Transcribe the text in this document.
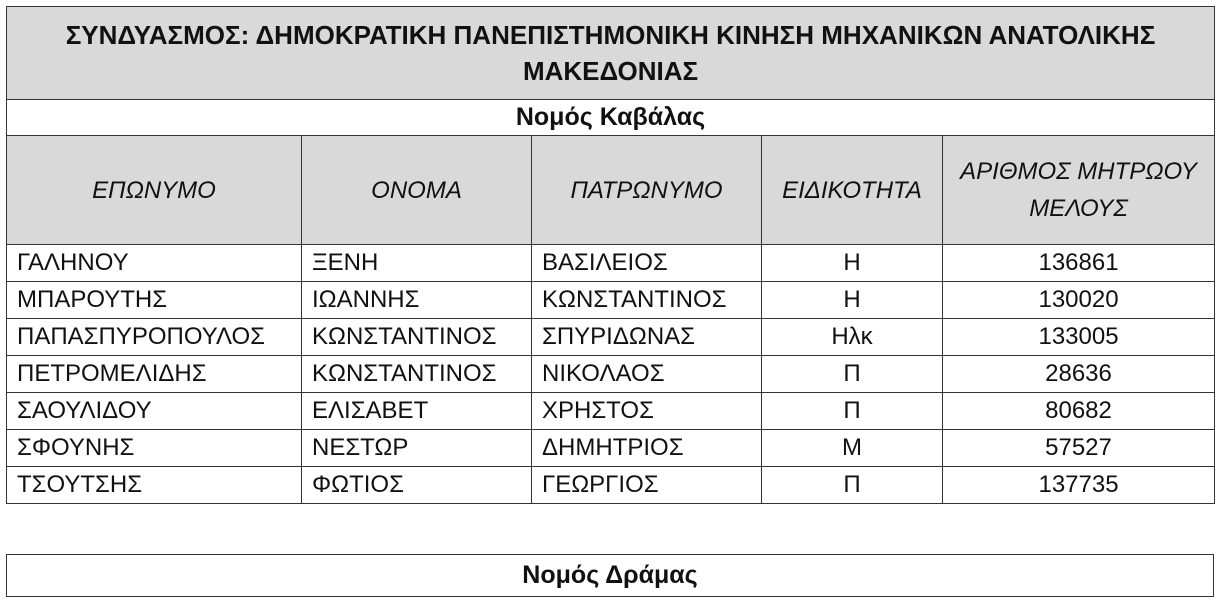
ΣΥΝΔΥΑΣΜΟΣ: ΔΗΜΟΚΡΑΤΙΚΗ ΠΑΝΕΠΙΣΤΗΜΟΝΙΚΗ ΚΙΝΗΣΗ ΜΗΧΑΝΙΚΩΝ ΑΝΑΤΟΛΙΚΗΣ ΜΑΚΕΔΟΝΙΑΣ				
Νομός Καβάλας				
ΕΠΩΝΥΜΟ	ΟΝΟΜΑ	ΠΑΤΡΩΝΥΜΟ	ΕΙΔΙΚΟΤΗΤΑ	ΑΡΙΘΜΟΣ ΜΗΤΡΩΟΥ ΜΕΛΟΥΣ
ΓΑΛΗΝΟΥ	ΞΕΝΗ	ΒΑΣΙΛΕΙΟΣ	Η	136861
ΜΠΑΡΟΥΤΗΣ	ΙΩΑΝΝΗΣ	ΚΩΝΣΤΑΝΤΙΝΟΣ	Η	130020
ΠΑΠΑΣΠΥΡΟΠΟΥΛΟΣ	ΚΩΝΣΤΑΝΤΙΝΟΣ	ΣΠΥΡΙΔΩΝΑΣ	Ηλκ	133005
ΠΕΤΡΟΜΕΛΙΔΗΣ	ΚΩΝΣΤΑΝΤΙΝΟΣ	ΝΙΚΟΛΑΟΣ	Π	28636
ΣΑΟΥΛΙΔΟΥ	ΕΛΙΣΑΒΕΤ	ΧΡΗΣΤΟΣ	Π	80682
ΣΦΟΥΝΗΣ	ΝΕΣΤΩΡ	ΔΗΜΗΤΡΙΟΣ	Μ	57527
ΤΣΟΥΤΣΗΣ	ΦΩΤΙΟΣ	ΓΕΩΡΓΙΟΣ	Π	137735
Νομός Δράμας
